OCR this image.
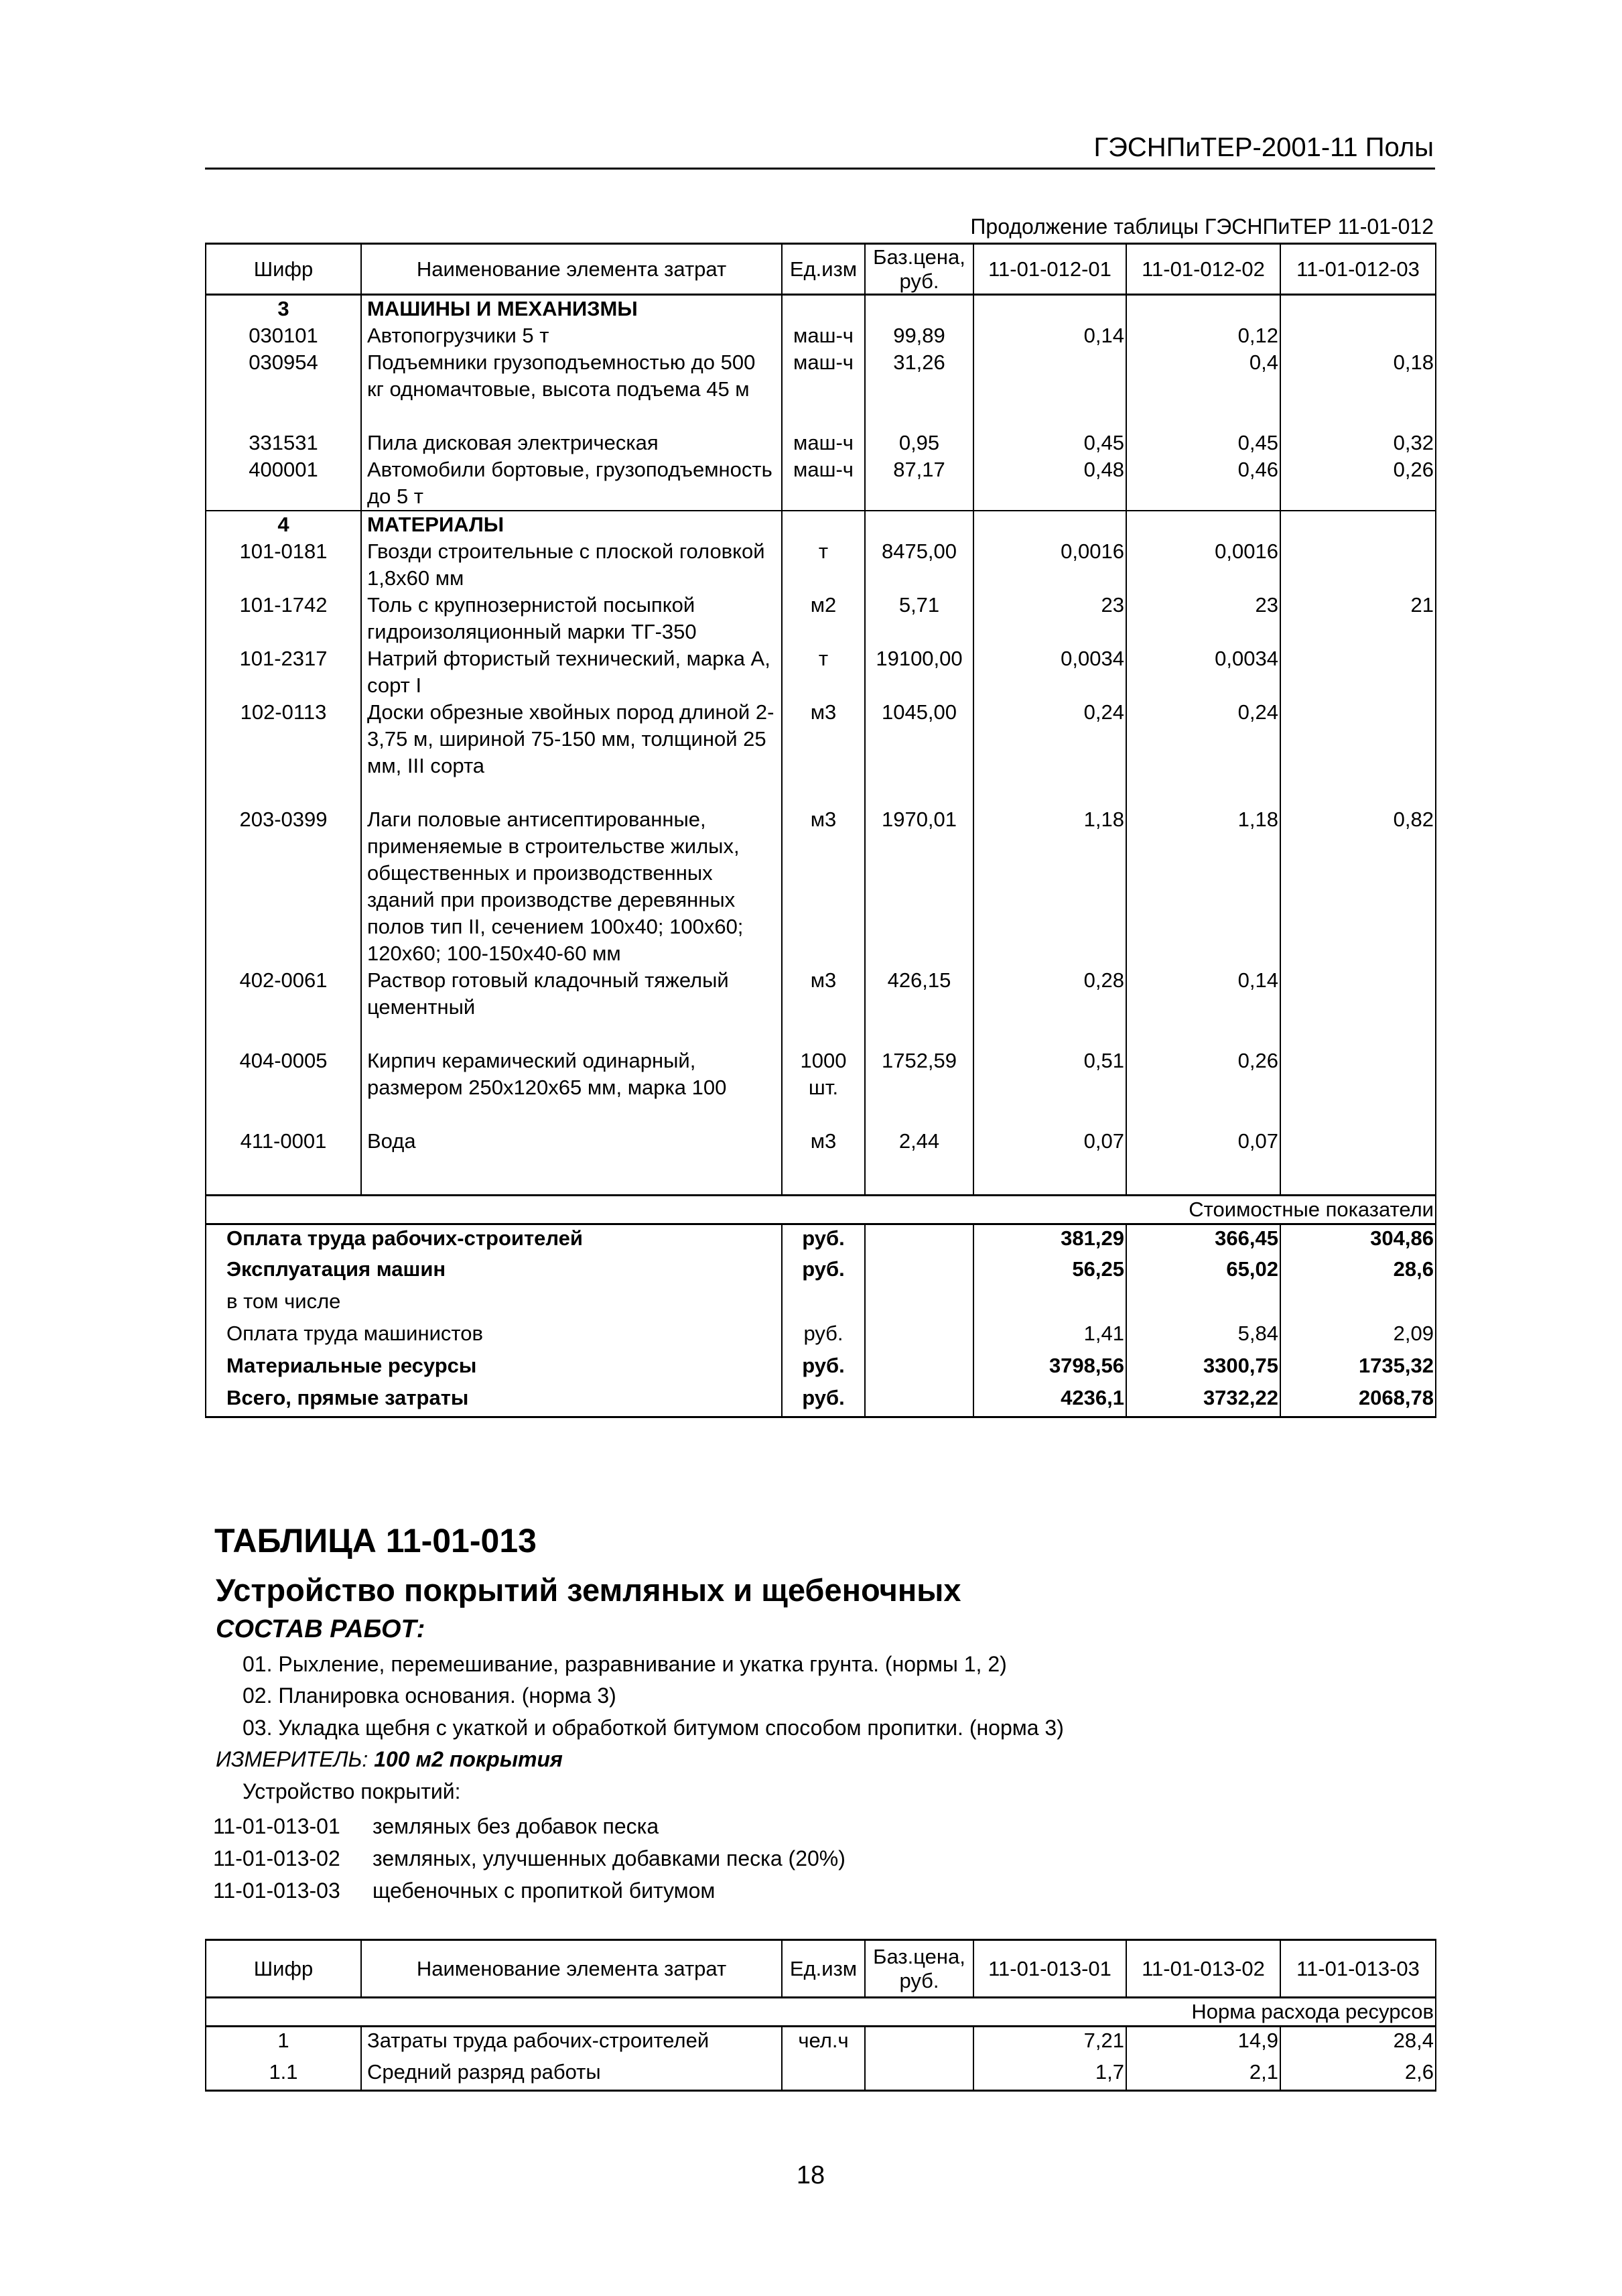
ГЭСНПиТЕР-2001-11 Полы
Продолжение таблицы ГЭСНПиТЕР 11-01-012
Шифр	Наименование элемента затрат	Ед.изм	Баз.цена, руб.	11-01-012-01	11-01-012-02	11-01-012-03
3	МАШИНЫ И МЕХАНИЗМЫ					
030101	Автопогрузчики 5 т	маш-ч	99,89	0,14	0,12	
030954	Подъемники грузоподъемностью до 500 кг одномачтовые, высота подъема 45 м	маш-ч	31,26		0,4	0,18
331531	Пила дисковая электрическая	маш-ч	0,95	0,45	0,45	0,32
400001	Автомобили бортовые, грузоподъемность до 5 т	маш-ч	87,17	0,48	0,46	0,26
4	МАТЕРИАЛЫ					
101-0181	Гвозди строительные с плоской головкой 1,8х60 мм	т	8475,00	0,0016	0,0016	
101-1742	Толь с крупнозернистой посыпкой гидроизоляционный марки ТГ-350	м2	5,71	23	23	21
101-2317	Натрий фтористый технический, марка А, сорт I	т	19100,00	0,0034	0,0034	
102-0113	Доски обрезные хвойных пород длиной 2-3,75 м, шириной 75-150 мм, толщиной 25 мм, III сорта	м3	1045,00	0,24	0,24	
203-0399	Лаги половые антисептированные, применяемые в строительстве жилых, общественных и производственных зданий при производстве деревянных полов тип II, сечением 100х40; 100х60; 120х60; 100-150х40-60 мм	м3	1970,01	1,18	1,18	0,82
402-0061	Раствор готовый кладочный тяжелый цементный	м3	426,15	0,28	0,14	
404-0005	Кирпич керамический одинарный, размером 250х120х65 мм, марка 100	1000 шт.	1752,59	0,51	0,26	
411-0001	Вода	м3	2,44	0,07	0,07	
Стоимостные показатели						
Оплата труда рабочих-строителей		руб.		381,29	366,45	304,86
Эксплуатация машин		руб.		56,25	65,02	28,6
в том числе						
Оплата труда машинистов		руб.		1,41	5,84	2,09
Материальные ресурсы		руб.		3798,56	3300,75	1735,32
Всего, прямые затраты		руб.		4236,1	3732,22	2068,78
ТАБЛИЦА 11-01-013
Устройство покрытий земляных и щебеночных
СОСТАВ РАБОТ:
01. Рыхление, перемешивание, разравнивание и укатка грунта. (нормы 1, 2)
02. Планировка основания. (норма 3)
03. Укладка щебня с укаткой и обработкой битумом способом пропитки. (норма 3)
ИЗМЕРИТЕЛЬ: 100 м2 покрытия
Устройство покрытий:
11-01-013-01 земляных без добавок песка
11-01-013-02 земляных, улучшенных добавками песка (20%)
11-01-013-03 щебеночных с пропиткой битумом
Шифр	Наименование элемента затрат	Ед.изм	Баз.цена, руб.	11-01-013-01	11-01-013-02	11-01-013-03
Норма расхода ресурсов						
1	Затраты труда рабочих-строителей	чел.ч		7,21	14,9	28,4
1.1	Средний разряд работы			1,7	2,1	2,6
18
